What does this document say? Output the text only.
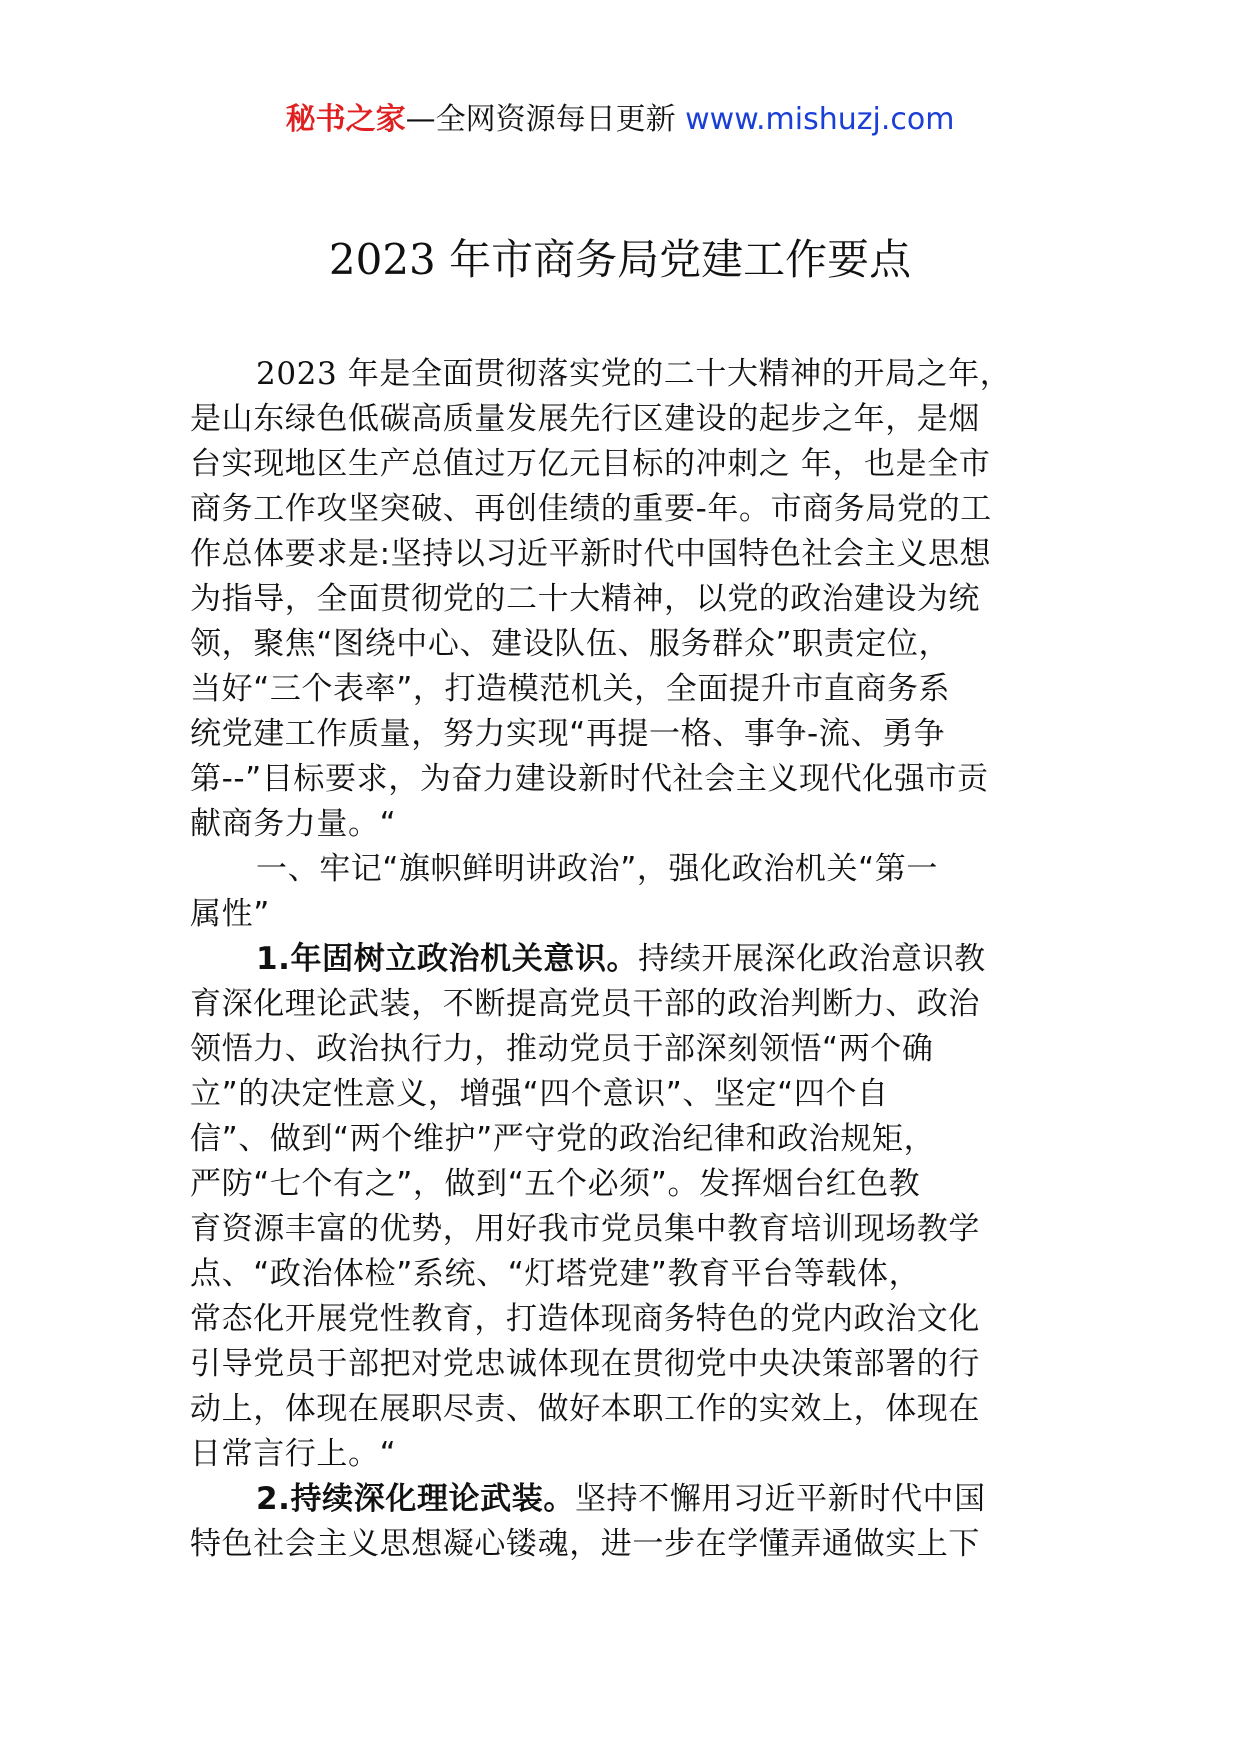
秘书之家—全网资源每日更新 www.mishuzj.com
2023 年市商务局党建工作要点
2023 年是全面贯彻落实党的二十大精神的开局之年，
是山东绿色低碳高质量发展先行区建设的起步之年，是烟
台实现地区生产总值过万亿元目标的冲刺之 年，也是全市
商务工作攻坚突破、再创佳绩的重要-年。市商务局党的工
作总体要求是:坚持以习近平新时代中国特色社会主义思想
为指导，全面贯彻党的二十大精神，以党的政治建设为统
领，聚焦“图绕中心、建设队伍、服务群众”职责定位，
当好“三个表率”，打造模范机关，全面提升市直商务系
统党建工作质量，努力实现“再提一格、事争-流、勇争
第--”目标要求，为奋力建设新时代社会主义现代化强市贡
献商务力量。“
一、牢记“旗帜鲜明讲政治”，强化政治机关“第一
属性”
1.年固树立政治机关意识。持续开展深化政治意识教
育深化理论武装，不断提高党员干部的政治判断力、政治
领悟力、政治执行力，推动党员于部深刻领悟“两个确
立”的决定性意义，增强“四个意识”、坚定“四个自
信”、做到“两个维护”严守党的政治纪律和政治规矩，
严防“七个有之”，做到“五个必须”。发挥烟台红色教
育资源丰富的优势，用好我市党员集中教育培训现场教学
点、“政治体检”系统、“灯塔党建”教育平台等载体，
常态化开展党性教育，打造体现商务特色的党内政治文化
引导党员于部把对党忠诚体现在贯彻党中央决策部署的行
动上，体现在展职尽责、做好本职工作的实效上，体现在
日常言行上。“
2.持续深化理论武装。坚持不懈用习近平新时代中国
特色社会主义思想凝心镂魂，进一步在学懂弄通做实上下
